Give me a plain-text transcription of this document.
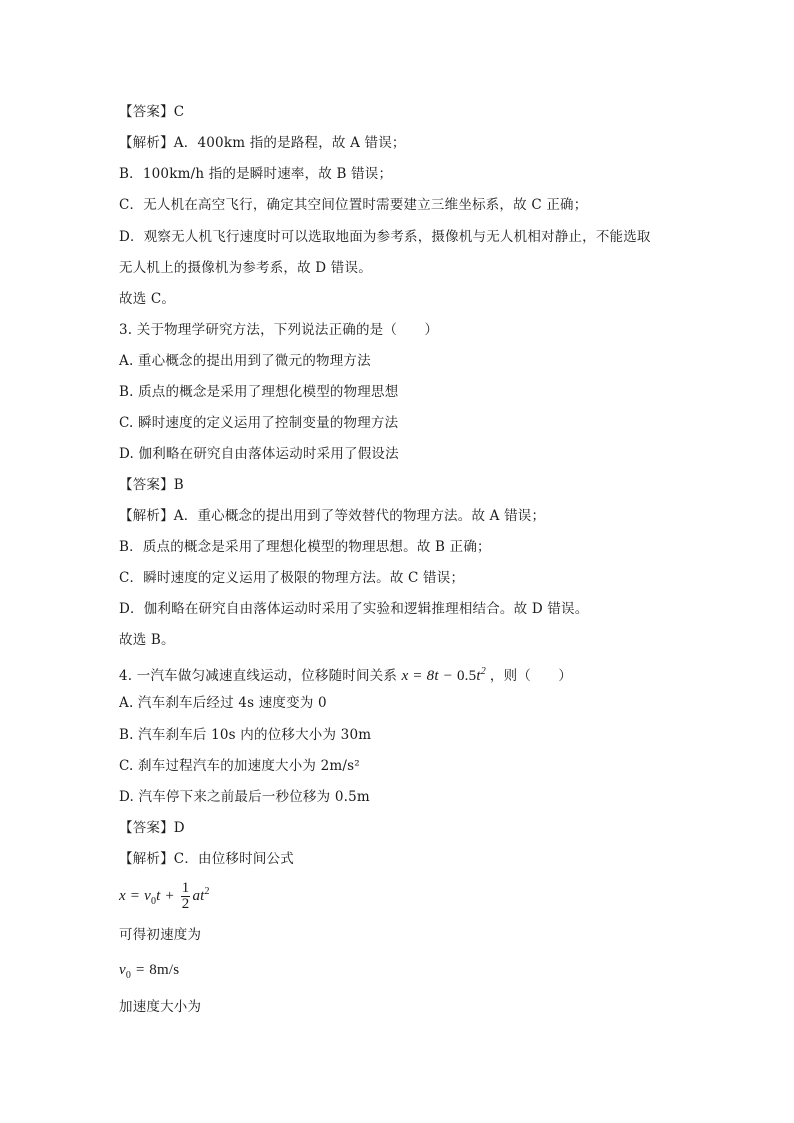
【答案】C
【解析】A．400km 指的是路程，故 A 错误；
B．100km/h 指的是瞬时速率，故 B 错误；
C．无人机在高空飞行，确定其空间位置时需要建立三维坐标系，故 C 正确；
D．观察无人机飞行速度时可以选取地面为参考系，摄像机与无人机相对静止，不能选取
无人机上的摄像机为参考系，故 D 错误。
故选 C。
3. 关于物理学研究方法，下列说法正确的是（　　）
A. 重心概念的提出用到了微元的物理方法
B. 质点的概念是采用了理想化模型的物理思想
C. 瞬时速度的定义运用了控制变量的物理方法
D. 伽利略在研究自由落体运动时采用了假设法
【答案】B
【解析】A．重心概念的提出用到了等效替代的物理方法。故 A 错误；
B．质点的概念是采用了理想化模型的物理思想。故 B 正确；
C．瞬时速度的定义运用了极限的物理方法。故 C 错误；
D．伽利略在研究自由落体运动时采用了实验和逻辑推理相结合。故 D 错误。
故选 B。
4. 一汽车做匀减速直线运动，位移随时间关系 $x = 8t - 0.5t^2$ ，则（　　）
A. 汽车刹车后经过 4s 速度变为 0
B. 汽车刹车后 10s 内的位移大小为 30m
C. 刹车过程汽车的加速度大小为 2m/s²
D. 汽车停下来之前最后一秒位移为 0.5m
【答案】D
【解析】C．由位移时间公式
$x = v_0t + \frac{1}{2} at^2$
可得初速度为
$v_0 = 8m/s$
加速度大小为
